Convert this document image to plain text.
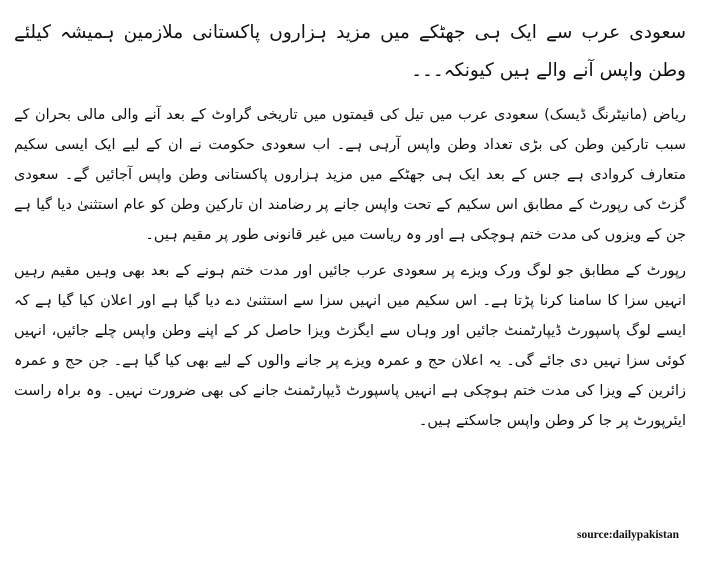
سعودی عرب سے ایک ہی جھٹکے میں مزید ہزاروں پاکستانی ملازمین ہمیشہ کیلئے وطن واپس آنے والے ہیں کیونکہ۔۔۔

ریاض (مانیٹرنگ ڈیسک) سعودی عرب میں تیل کی قیمتوں میں تاریخی گراوٹ کے بعد آنے والی مالی بحران کے سبب تارکین وطن کی بڑی تعداد وطن واپس آرہی ہے۔ اب سعودی حکومت نے ان کے لیے ایک ایسی سکیم متعارف کروادی ہے جس کے بعد ایک ہی جھٹکے میں مزید ہزاروں پاکستانی وطن واپس آجائیں گے۔ سعودی گزٹ کی رپورٹ کے مطابق اس سکیم کے تحت واپس جانے پر رضامند ان تارکین وطن کو عام استثنیٰ دیا گیا ہے جن کے ویزوں کی مدت ختم ہوچکی ہے اور وہ ریاست میں غیر قانونی طور پر مقیم ہیں۔

رپورٹ کے مطابق جو لوگ ورک ویزے پر سعودی عرب جائیں اور مدت ختم ہونے کے بعد بھی وہیں مقیم رہیں انہیں سزا کا سامنا کرنا پڑتا ہے۔ اس سکیم میں انہیں سزا سے استثنیٰ دے دیا گیا ہے اور اعلان کیا گیا ہے کہ ایسے لوگ پاسپورٹ ڈیپارٹمنٹ جائیں اور وہاں سے ایگزٹ ویزا حاصل کر کے اپنے وطن واپس چلے جائیں، انہیں کوئی سزا نہیں دی جائے گی۔ یہ اعلان حج و عمرہ ویزے پر جانے والوں کے لیے بھی کیا گیا ہے۔ جن حج و عمرہ زائرین کے ویزا کی مدت ختم ہوچکی ہے انہیں پاسپورٹ ڈیپارٹمنٹ جانے کی بھی ضرورت نہیں۔ وہ براہ راست ایئرپورٹ پر جا کر وطن واپس جاسکتے ہیں۔

source:dailypakistan
